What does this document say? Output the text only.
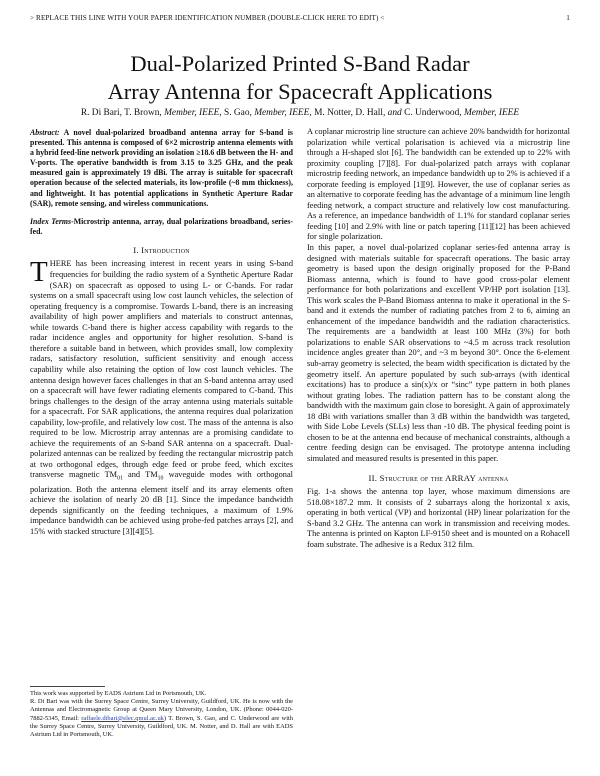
> REPLACE THIS LINE WITH YOUR PAPER IDENTIFICATION NUMBER (DOUBLE-CLICK HERE TO EDIT) <	1
Dual-Polarized Printed S-Band Radar
Array Antenna for Spacecraft Applications
R. Di Bari, T. Brown, Member, IEEE, S. Gao, Member, IEEE, M. Notter, D. Hall, and C. Underwood, Member, IEEE

Abstract: A novel dual-polarized broadband antenna array for S-band is presented. This antenna is composed of 6×2 microstrip antenna elements with a hybrid feed-line network providing an isolation ≥18.6 dB between the H- and V-ports. The operative bandwidth is from 3.15 to 3.25 GHz, and the peak measured gain is approximately 19 dBi. The array is suitable for spacecraft operation because of the selected materials, its low-profile (~8 mm thickness), and lightweight. It has potential applications in Synthetic Aperture Radar (SAR), remote sensing, and wireless communications.

Index Terms-Microstrip antenna, array, dual polarizations broadband, series-fed.

I. Introduction

THERE has been increasing interest in recent years in using S-band frequencies for building the radio system of a Synthetic Aperture Radar (SAR) on spacecraft as opposed to using L- or C-bands. For radar systems on a small spacecraft using low cost launch vehicles, the selection of operating frequency is a compromise. Towards L-band, there is an increasing availability of high power amplifiers and materials to construct antennas, while towards C-band there is higher access capability with regards to the radar incidence angles and opportunity for higher resolution. S-band is therefore a suitable band in between, which provides small, low complexity radars, satisfactory resolution, sufficient sensitivity and enough access capability while also retaining the option of low cost launch vehicles. The antenna design however faces challenges in that an S-band antenna array used on a spacecraft will have fewer radiating elements compared to C-band. This brings challenges to the design of the array antenna using materials suitable for a spacecraft. For SAR applications, the antenna requires dual polarization capability, low-profile, and relatively low cost. The mass of the antenna is also required to be low. Microstrip array antennas are a promising candidate to achieve the requirements of an S-band SAR antenna on a spacecraft. Dual-polarized antennas can be realized by feeding the rectangular microstrip patch at two orthogonal edges, through edge feed or probe feed, which excites transverse magnetic $TM_{01}$ and $TM_{10}$ waveguide modes with orthogonal polarization. Both the antenna element itself and its array elements often achieve the isolation of nearly 20 dB [1]. Since the impedance bandwidth depends significantly on the feeding techniques, a maximum of 1.9% impedance bandwidth can be achieved using probe-fed patches arrays [2], and 15% with stacked structure [3][4][5].

This work was supported by EADS Astrium Ltd in Portsmouth, UK.
R. Di Bari was with the Surrey Space Centre, Surrey University, Guildford, UK. He is now with the Antennas and Electromagnetic Group at Queen Mary University, London, UK. (Phone: 0044-020-7882-5345, Email: raffaele.dibari@elec.qmul.ac.uk) T. Brown, S. Gao, and C. Underwood are with the Surrey Space Centre, Surrey University, Guildford, UK. M. Notter, and D. Hall are with EADS Astrium Ltd in Portsmouth, UK.

A coplanar microstrip line structure can achieve 20% bandwidth for horizontal polarization while vertical polarisation is achieved via a microstrip line through a H-shaped slot [6]. The bandwidth can be extended up to 22% with proximity coupling [7][8]. For dual-polarized patch arrays with coplanar microstrip feeding network, an impedance bandwidth up to 2% is achieved if a corporate feeding is employed [1][9]. However, the use of coplanar series as an alternative to corporate feeding has the advantage of a minimum line length feeding network, a compact structure and relatively low cost manufacturing. As a reference, an impedance bandwidth of 1.1% for standard coplanar series feeding [10] and 2.9% with line or patch tapering [11][12] has been achieved for single polarization.

In this paper, a novel dual-polarized coplanar series-fed antenna array is designed with materials suitable for spacecraft operations. The basic array geometry is based upon the design originally proposed for the P-Band Biomass antenna, which is found to have good cross-polar element performance for both polarizations and excellent VP/HP port isolation [13]. This work scales the P-Band Biomass antenna to make it operational in the S-band and it extends the number of radiating patches from 2 to 6, aiming an enhancement of the impedance bandwidth and the radiation characteristics. The requirements are a bandwidth at least 100 MHz (3%) for both polarizations to enable SAR observations to ~4.5 m across track resolution incidence angles greater than 20°, and ~3 m beyond 30°. Once the 6-element sub-array geometry is selected, the beam width specification is dictated by the geometry itself. An aperture populated by such sub-arrays (with identical excitations) has to produce a sin(x)/x or “sinc” type pattern in both planes without grating lobes. The radiation pattern has to be constant along the bandwidth with the maximum gain close to boresight. A gain of approximately 18 dBi with variations smaller than 3 dB within the bandwidth was targeted, with Side Lobe Levels (SLLs) less than -10 dB. The physical feeding point is chosen to be at the antenna end because of mechanical constraints, although a centre feeding design can be envisaged. The prototype antenna including simulated and measured results is presented in this paper.

II. Structure of the ARRAY antenna

Fig. 1-a shows the antenna top layer, whose maximum dimensions are 518.08×187.2 mm. It consists of 2 subarrays along the horizontal x axis, operating in both vertical (VP) and horizontal (HP) linear polarization for the S-band 3.2 GHz. The antenna can work in transmission and receiving modes. The antenna is printed on Kapton LF-9150 sheet and is mounted on a Rohacell foam substrate. The adhesive is a Redux 312 film.
